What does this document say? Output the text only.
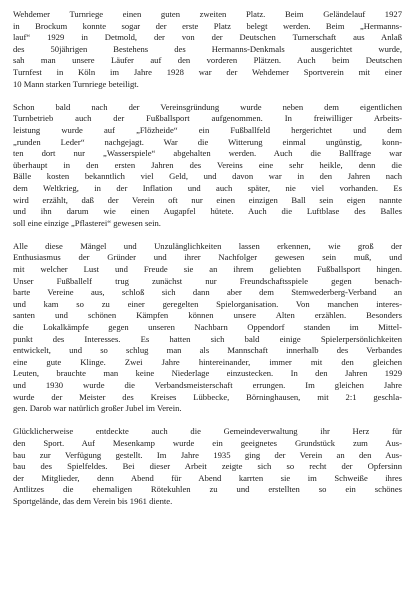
Wehdemer Turnriege einen guten zweiten Platz. Beim Geländelauf 1927
in Brockum konnte sogar der erste Platz belegt werden. Beim „Hermanns-
lauf“ 1929 in Detmold, der von der Deutschen Turnerschaft aus Anlaß
des 50jährigen Bestehens des Hermanns-Denkmals ausgerichtet wurde,
sah man unsere Läufer auf den vorderen Plätzen. Auch beim Deutschen
Turnfest in Köln im Jahre 1928 war der Wehdemer Sportverein mit einer
10 Mann starken Turnriege beteiligt.

Schon bald nach der Vereinsgründung wurde neben dem eigentlichen
Turnbetrieb auch der Fußballsport aufgenommen. In freiwilliger Arbeits-
leistung wurde auf „Flözheide“ ein Fußballfeld hergerichtet und dem
„runden Leder“ nachgejagt. War die Witterung einmal ungünstig, konn-
ten dort nur „Wasserspiele“ abgehalten werden. Auch die Ballfrage war
überhaupt in den ersten Jahren des Vereins eine sehr heikle, denn die
Bälle kosten bekanntlich viel Geld, und davon war in den Jahren nach
dem Weltkrieg, in der Inflation und auch später, nie viel vorhanden. Es
wird erzählt, daß der Verein oft nur einen einzigen Ball sein eigen nannte
und ihn darum wie einen Augapfel hütete. Auch die Luftblase des Balles
soll eine einzige „Pflasterei“ gewesen sein.

Alle diese Mängel und Unzulänglichkeiten lassen erkennen, wie groß der
Enthusiasmus der Gründer und ihrer Nachfolger gewesen sein muß, und
mit welcher Lust und Freude sie an ihrem geliebten Fußballsport hingen.
Unser Fußballelf trug zunächst nur Freundschaftsspiele gegen benach-
barte Vereine aus, schloß sich dann aber dem Stemwederberg-Verband an
und kam so zu einer geregelten Spielorganisation. Von manchen interes-
santen und schönen Kämpfen können unsere Alten erzählen. Besonders
die Lokalkämpfe gegen unseren Nachbarn Oppendorf standen im Mittel-
punkt des Interesses. Es hatten sich bald einige Spielerpersönlichkeiten
entwickelt, und so schlug man als Mannschaft innerhalb des Verbandes
eine gute Klinge. Zwei Jahre hintereinander, immer mit den gleichen
Leuten, brauchte man keine Niederlage einzustecken. In den Jahren 1929
und 1930 wurde die Verbandsmeisterschaft errungen. Im gleichen Jahre
wurde der Meister des Kreises Lübbecke, Börninghausen, mit 2:1 geschla-
gen. Darob war natürlich großer Jubel im Verein.

Glücklicherweise entdeckte auch die Gemeindeverwaltung ihr Herz für
den Sport. Auf Mesenkamp wurde ein geeignetes Grundstück zum Aus-
bau zur Verfügung gestellt. Im Jahre 1935 ging der Verein an den Aus-
bau des Spielfeldes. Bei dieser Arbeit zeigte sich so recht der Opfersinn
der Mitglieder, denn Abend für Abend karrten sie im Schweiße ihres
Antlitzes die ehemaligen Rötekuhlen zu und erstellten so ein schönes
Sportgelände, das dem Verein bis 1961 diente.
